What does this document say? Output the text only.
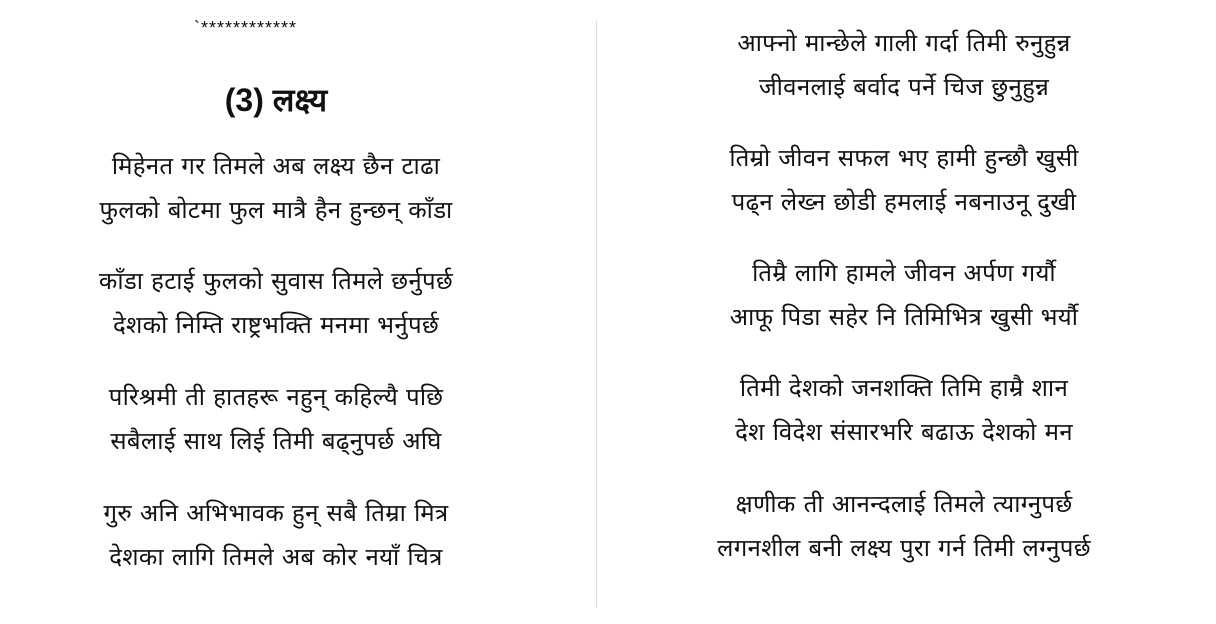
`************
(3) लक्ष्य
मिहेनत गर तिमले अब लक्ष्य छैन टाढा
फुलको बोटमा फुल मात्रै हैन हुन्छन् काँडा
काँडा हटाई फुलको सुवास तिमले छर्नुपर्छ
देशको निम्ति राष्ट्रभक्ति मनमा भर्नुपर्छ
परिश्रमी ती हातहरू नहुन् कहिल्यै पछि
सबैलाई साथ लिई तिमी बढ्नुपर्छ अघि
गुरु अनि अभिभावक हुन् सबै तिम्रा मित्र
देशका लागि तिमले अब कोर नयाँ चित्र
आफ्नो मान्छेले गाली गर्दा तिमी रुनुहुन्न
जीवनलाई बर्वाद पर्ने चिज छुनुहुन्न
तिम्रो जीवन सफल भए हामी हुन्छौ खुसी
पढ्न लेख्न छोडी हमलाई नबनाउनू दुखी
तिम्रै लागि हामले जीवन अर्पण गर्यौ
आफू पिडा सहेर नि तिमिभित्र खुसी भर्यौ
तिमी देशको जनशक्ति तिमि हाम्रै शान
देश विदेश संसारभरि बढाऊ देशको मन
क्षणीक ती आनन्दलाई तिमले त्याग्नुपर्छ
लगनशील बनी लक्ष्य पुरा गर्न तिमी लग्नुपर्छ
